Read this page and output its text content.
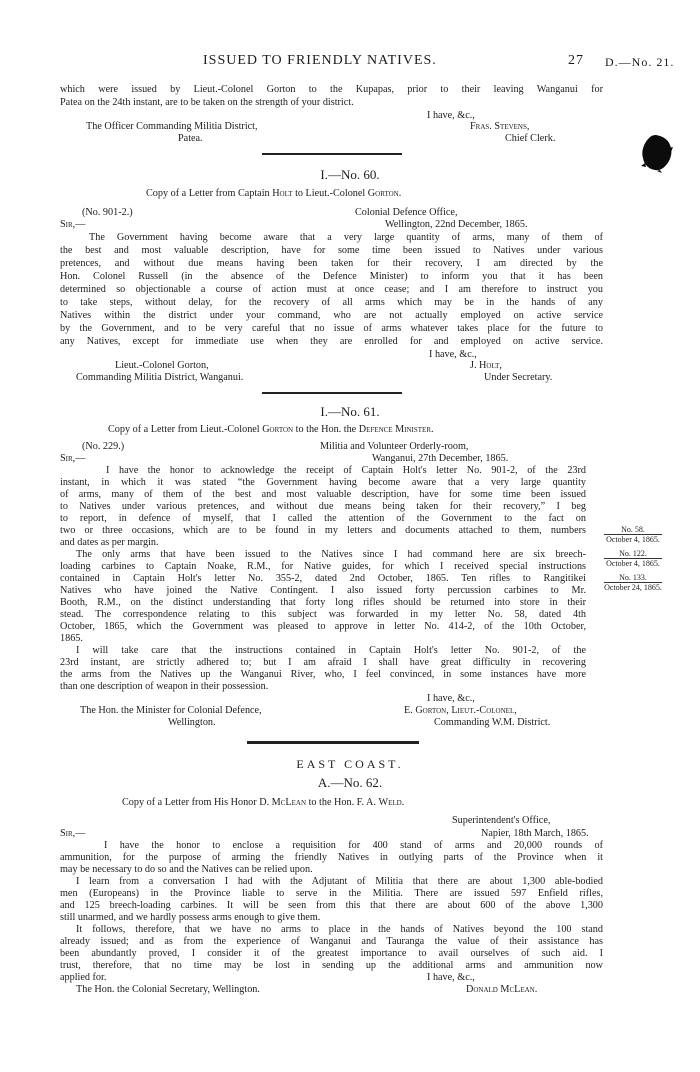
ISSUED TO FRIENDLY NATIVES.	27 D.—No. 21.
which were issued by Lieut.-Colonel Gorton to the Kupapas, prior to their leaving Wanganui for
Patea on the 24th instant, are to be taken on the strength of your district.
I have, &c.,
The Officer Commanding Militia District,	Fras. Stevens,
Patea.	Chief Clerk.
I.—No. 60.
Copy of a Letter from Captain Holt to Lieut.-Colonel Gorton.
(No. 901-2.)	Colonial Defence Office,
Sir,—	Wellington, 22nd December, 1865.
The Government having become aware that a very large quantity of arms, many of them of
the best and most valuable description, have for some time been issued to Natives under various
pretences, and without due means having been taken for their recovery, I am directed by the
Hon. Colonel Russell (in the absence of the Defence Minister) to inform you that it has been
determined so objectionable a course of action must at once cease; and I am therefore to instruct you
to take steps, without delay, for the recovery of all arms which may be in the hands of any
Natives within the district under your command, who are not actually employed on active service
by the Government, and to be very careful that no issue of arms whatever takes place for the future to
any Natives, except for immediate use when they are enrolled for and employed on active service.
I have, &c.,
Lieut.-Colonel Gorton,	J. Holt,
Commanding Militia District, Wanganui.	Under Secretary.
I.—No. 61.
Copy of a Letter from Lieut.-Colonel Gorton to the Hon. the Defence Minister.
(No. 229.)	Militia and Volunteer Orderly-room,
Sir,—	Wanganui, 27th December, 1865.
I have the honor to acknowledge the receipt of Captain Holt's letter No. 901-2, of the 23rd
instant, in which it was stated “the Government having become aware that a very large quantity
of arms, many of them of the best and most valuable description, have for some time been issued
to Natives under various pretences, and without due means being taken for their recovery,” I beg
to report, in defence of myself, that I called the attention of the Government to the fact on
two or three occasions, which are to be found in my letters and documents attached to them, numbers
and dates as per margin.
The only arms that have been issued to the Natives since I had command here are six breech-
loading carbines to Captain Noake, R.M., for Native guides, for which I received special instructions
contained in Captain Holt's letter No. 355-2, dated 2nd October, 1865. Ten rifles to Rangitikei
Natives who have joined the Native Contingent. I also issued forty percussion carbines to Mr.
Booth, R.M., on the distinct understanding that forty long rifles should be returned into store in their
stead. The correspondence relating to this subject was forwarded in my letter No. 58, dated 4th
October, 1865, which the Government was pleased to approve in letter No. 414-2, of the 10th October,
1865.
I will take care that the instructions contained in Captain Holt's letter No. 901-2, of the
23rd instant, are strictly adhered to; but I am afraid I shall have great difficulty in recovering
the arms from the Natives up the Wanganui River, who, I feel convinced, in some instances have more
than one description of weapon in their possession.
No. 58.
October 4, 1865.
No. 122.
October 4, 1865.
No. 133.
October 24, 1865.
I have, &c.,
The Hon. the Minister for Colonial Defence,	E. Gorton, Lieut.-Colonel,
Wellington.	Commanding W.M. District.
EAST COAST.
A.—No. 62.
Copy of a Letter from His Honor D. McLean to the Hon. F. A. Weld.
Superintendent's Office,
Sir,—	Napier, 18th March, 1865.
I have the honor to enclose a requisition for 400 stand of arms and 20,000 rounds of
ammunition, for the purpose of arming the friendly Natives in outlying parts of the Province when it
may be necessary to do so and the Natives can be relied upon.
I learn from a conversation I had with the Adjutant of Militia that there are about 1,300 able-bodied
men (Europeans) in the Province liable to serve in the Militia. There are issued 597 Enfield rifles,
and 125 breech-loading carbines. It will be seen from this that there are about 600 of the above 1,300
still unarmed, and we hardly possess arms enough to give them.
It follows, therefore, that we have no arms to place in the hands of Natives beyond the 100 stand
already issued; and as from the experience of Wanganui and Tauranga the value of their assistance has
been abundantly proved, I consider it of the greatest importance to avail ourselves of such aid. I
trust, therefore, that no time may be lost in sending up the additional arms and ammunition now
applied for.	I have, &c.,
The Hon. the Colonial Secretary, Wellington.	Donald McLean.
